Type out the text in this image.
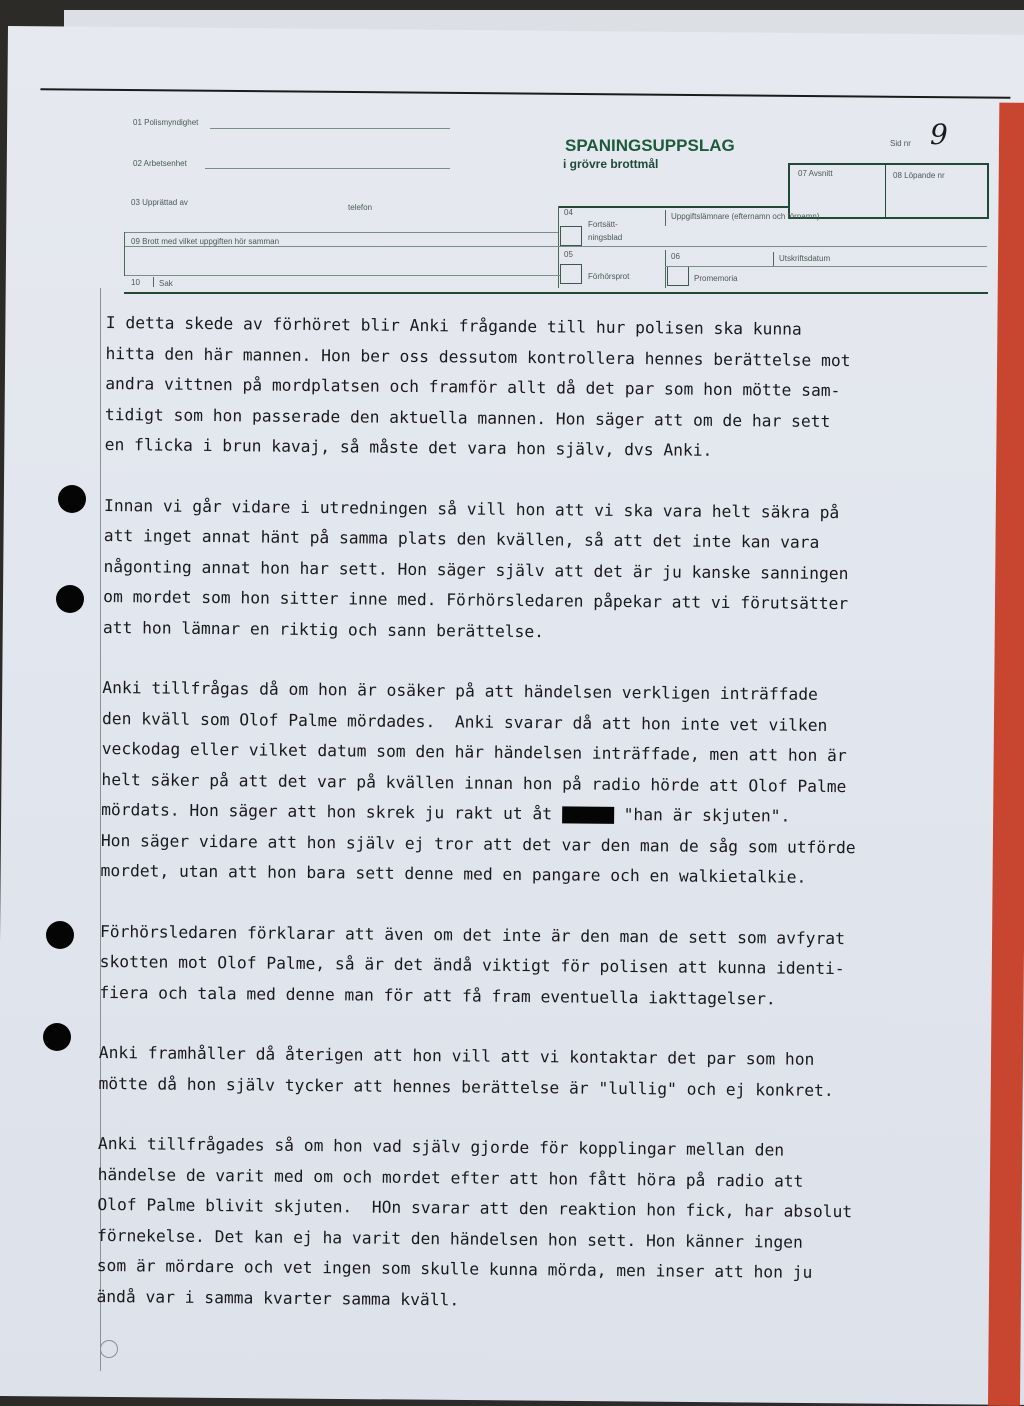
01 Polismyndighet
02 Arbetsenhet
03 Upprättad av
telefon
SPANINGSUPPSLAG
i grövre brottmål
Sid nr 9
07 Avsnitt	08 Löpande nr
04
Fortsätt-
ningsblad
Uppgiftslämnare (efternamn och förnamn)
09 Brott med vilket uppgiften hör samman
05
Förhörsprot
06
Promemoria
Utskriftsdatum
10 Sak
I detta skede av förhöret blir Anki frågande till hur polisen ska kunna
hitta den här mannen. Hon ber oss dessutom kontrollera hennes berättelse mot
andra vittnen på mordplatsen och framför allt då det par som hon mötte sam-
tidigt som hon passerade den aktuella mannen. Hon säger att om de har sett
en flicka i brun kavaj, så måste det vara hon själv, dvs Anki.
Innan vi går vidare i utredningen så vill hon att vi ska vara helt säkra på
att inget annat hänt på samma plats den kvällen, så att det inte kan vara
någonting annat hon har sett. Hon säger själv att det är ju kanske sanningen
om mordet som hon sitter inne med. Förhörsledaren påpekar att vi förutsätter
att hon lämnar en riktig och sann berättelse.
Anki tillfrågas då om hon är osäker på att händelsen verkligen inträffade
den kväll som Olof Palme mördades.  Anki svarar då att hon inte vet vilken
veckodag eller vilket datum som den här händelsen inträffade, men att hon är
helt säker på att det var på kvällen innan hon på radio hörde att Olof Palme
mördats. Hon säger att hon skrek ju rakt ut åt	"han är skjuten".
Hon säger vidare att hon själv ej tror att det var den man de såg som utförde
mordet, utan att hon bara sett denne med en pangare och en walkietalkie.
Förhörsledaren förklarar att även om det inte är den man de sett som avfyrat
skotten mot Olof Palme, så är det ändå viktigt för polisen att kunna identi-
fiera och tala med denne man för att få fram eventuella iakttagelser.
Anki framhåller då återigen att hon vill att vi kontaktar det par som hon
mötte då hon själv tycker att hennes berättelse är "lullig" och ej konkret.
Anki tillfrågades så om hon vad själv gjorde för kopplingar mellan den
händelse de varit med om och mordet efter att hon fått höra på radio att
Olof Palme blivit skjuten.  HOn svarar att den reaktion hon fick, har absolut
förnekelse. Det kan ej ha varit den händelsen hon sett. Hon känner ingen
som är mördare och vet ingen som skulle kunna mörda, men inser att hon ju
ändå var i samma kvarter samma kväll.
